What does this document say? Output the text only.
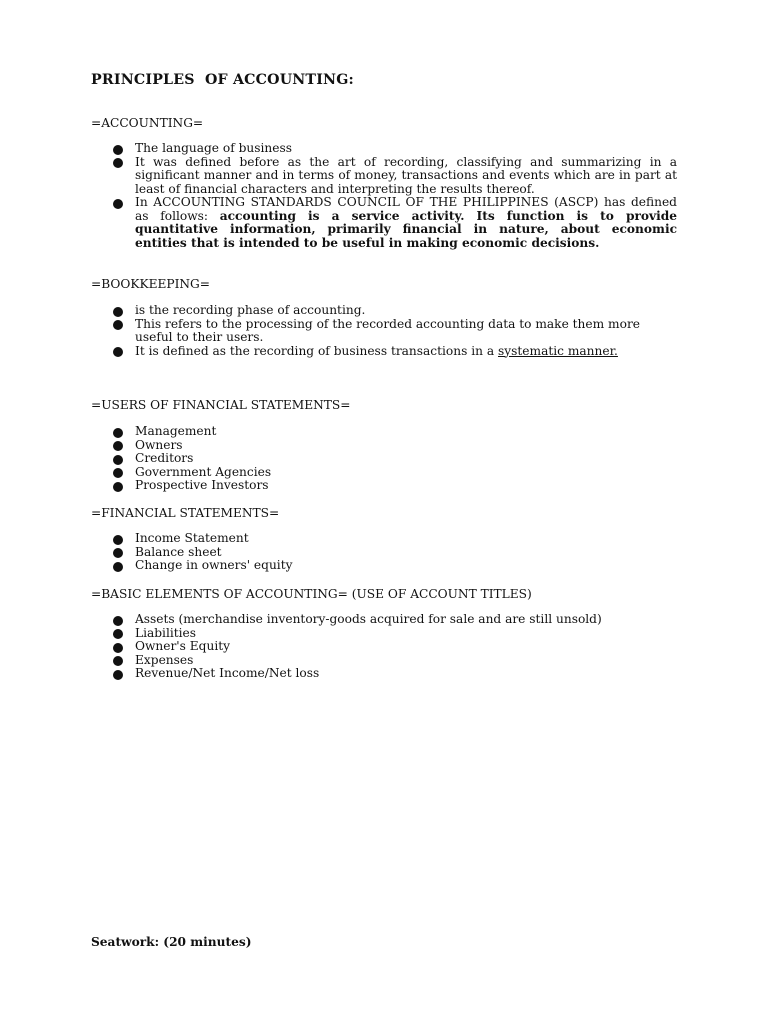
PRINCIPLES  OF ACCOUNTING:
=ACCOUNTING=
The language of business
It was defined before as the art of recording, classifying and summarizing in a significant manner and in terms of money, transactions and events which are in part at least of financial characters and interpreting the results thereof.
In ACCOUNTING STANDARDS COUNCIL OF THE PHILIPPINES (ASCP) has defined as follows: accounting is a service activity. Its function is to provide quantitative information, primarily financial in nature, about economic entities that is intended to be useful in making economic decisions.
=BOOKKEEPING=
is the recording phase of accounting.
This refers to the processing of the recorded accounting data to make them more useful to their users.
It is defined as the recording of business transactions in a systematic manner.
=USERS OF FINANCIAL STATEMENTS=
Management
Owners
Creditors
Government Agencies
Prospective Investors
=FINANCIAL STATEMENTS=
Income Statement
Balance sheet
Change in owners' equity
=BASIC ELEMENTS OF ACCOUNTING= (USE OF ACCOUNT TITLES)
Assets (merchandise inventory-goods acquired for sale and are still unsold)
Liabilities
Owner's Equity
Expenses
Revenue/Net Income/Net loss
Seatwork: (20 minutes)
